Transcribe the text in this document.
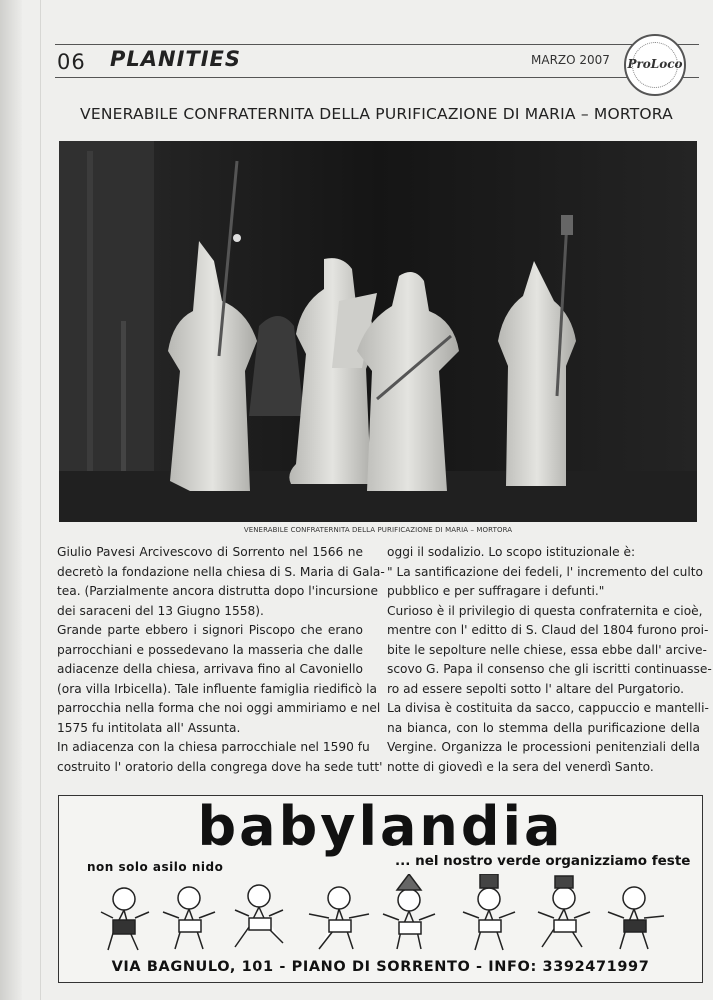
06 PLANITIES	MARZO 2007 ProLoco
VENERABILE CONFRATERNITA DELLA PURIFICAZIONE DI MARIA – MORTORA
VENERABILE CONFRATERNITA DELLA PURIFICAZIONE DI MARIA – MORTORA
Giulio Pavesi Arcivescovo di Sorrento nel 1566 ne
decretò la fondazione nella chiesa di S. Maria di Gala-
tea. (Parzialmente ancora distrutta dopo l'incursione
dei saraceni del 13 Giugno 1558).
Grande parte ebbero i signori Piscopo che erano
parrocchiani e possedevano la masseria che dalle
adiacenze della chiesa, arrivava fino al Cavoniello
(ora villa Irbicella). Tale influente famiglia riedificò la
parrocchia nella forma che noi oggi ammiriamo e nel
1575 fu intitolata all' Assunta.
In adiacenza con la chiesa parrocchiale nel 1590 fu
costruito l' oratorio della congrega dove ha sede tutt'
oggi il sodalizio. Lo scopo istituzionale è:
" La santificazione dei fedeli, l' incremento del culto
pubblico e per suffragare i defunti."
Curioso è il privilegio di questa confraternita e cioè,
mentre con l' editto di S. Claud del 1804 furono proi-
bite le sepolture nelle chiese, essa ebbe dall' arcive-
scovo G. Papa il consenso che gli iscritti continuasse-
ro ad essere sepolti sotto l' altare del Purgatorio.
La divisa è costituita da sacco, cappuccio e mantelli-
na bianca, con lo stemma della purificazione della
Vergine. Organizza le processioni penitenziali della
notte di giovedì e la sera del venerdì Santo.
babylandia
non solo asilo nido	... nel nostro verde organizziamo feste
VIA BAGNULO, 101 - PIANO DI SORRENTO - INFO: 3392471997
